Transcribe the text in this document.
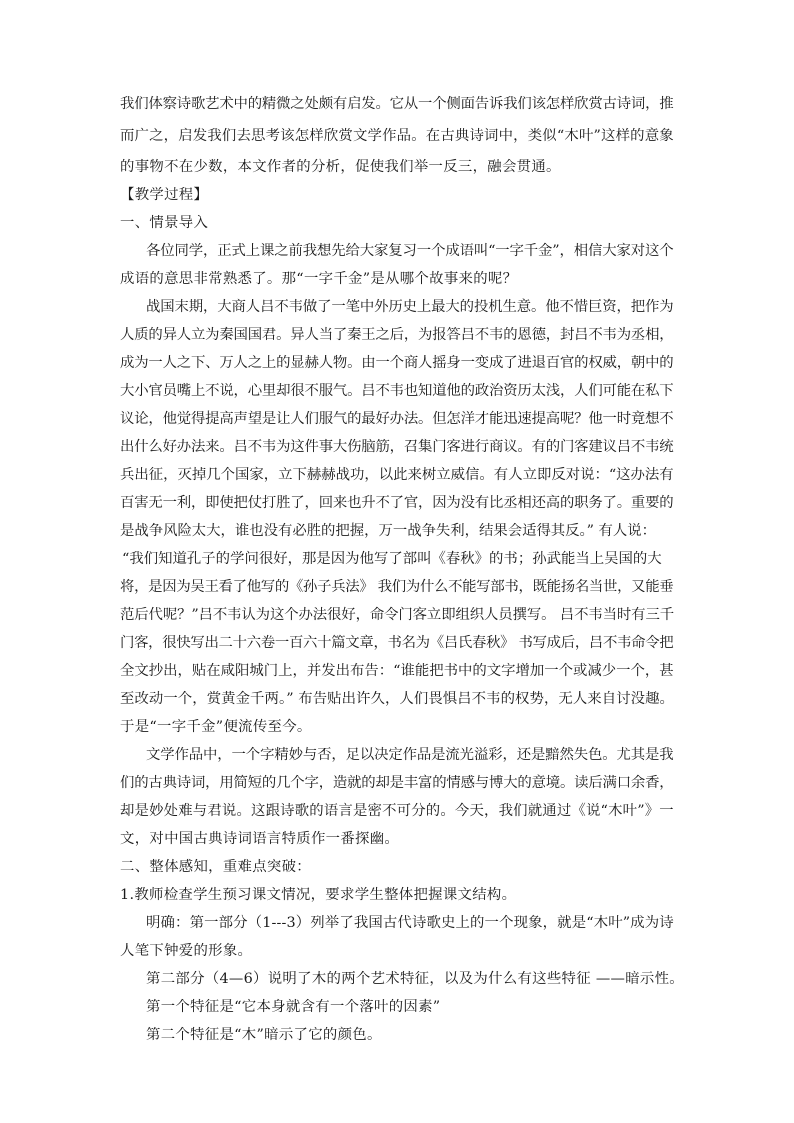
我们体察诗歌艺术中的精微之处颇有启发。它从一个侧面告诉我们该怎样欣赏古诗词，推
而广之，启发我们去思考该怎样欣赏文学作品。在古典诗词中，类似“木叶”这样的意象
的事物不在少数，本文作者的分析，促使我们举一反三，融会贯通。
【教学过程】
一、情景导入
各位同学，正式上课之前我想先给大家复习一个成语叫“一字千金”，相信大家对这个
成语的意思非常熟悉了。那“一字千金”是从哪个故事来的呢？
战国末期，大商人吕不韦做了一笔中外历史上最大的投机生意。他不惜巨资，把作为
人质的异人立为秦国国君。异人当了秦王之后，为报答吕不韦的恩德，封吕不韦为丞相，
成为一人之下、万人之上的显赫人物。由一个商人摇身一变成了进退百官的权威，朝中的
大小官员嘴上不说，心里却很不服气。吕不韦也知道他的政治资历太浅，人们可能在私下
议论，他觉得提高声望是让人们服气的最好办法。但怎洋才能迅速提高呢？他一时竟想不
出什么好办法来。吕不韦为这件事大伤脑筋，召集门客进行商议。有的门客建议吕不韦统
兵出征，灭掉几个国家，立下赫赫战功，以此来树立威信。有人立即反对说：“这办法有
百害无一利，即使把仗打胜了，回来也升不了官，因为没有比丞相还高的职务了。重要的
是战争风险太大，谁也没有必胜的把握，万一战争失利，结果会适得其反。” 有人说：
“我们知道孔子的学问很好，那是因为他写了部叫《春秋》的书；孙武能当上吴国的大
将，是因为吴王看了他写的《孙子兵法》 我们为什么不能写部书，既能扬名当世，又能垂
范后代呢？”吕不韦认为这个办法很好，命令门客立即组织人员撰写。 吕不韦当时有三千
门客，很快写出二十六卷一百六十篇文章，书名为《吕氏春秋》 书写成后，吕不韦命令把
全文抄出，贴在咸阳城门上，并发出布告：“谁能把书中的文字增加一个或减少一个，甚
至改动一个，赏黄金千两。” 布告贴出许久，人们畏惧吕不韦的权势，无人来自讨没趣。
于是“一字千金”便流传至今。
文学作品中，一个字精妙与否，足以决定作品是流光溢彩，还是黯然失色。尤其是我
们的古典诗词，用简短的几个字，造就的却是丰富的情感与博大的意境。读后满口余香，
却是妙处难与君说。这跟诗歌的语言是密不可分的。今天，我们就通过《说“木叶”》一
文，对中国古典诗词语言特质作一番探幽。
二、整体感知，重难点突破：
1.教师检查学生预习课文情况，要求学生整体把握课文结构。
明确：第一部分（1---3）列举了我国古代诗歌史上的一个现象，就是“木叶”成为诗
人笔下钟爱的形象。
第二部分（4—6）说明了木的两个艺术特征，以及为什么有这些特征 ——暗示性。
第一个特征是“它本身就含有一个落叶的因素”
第二个特征是“木”暗示了它的颜色。
